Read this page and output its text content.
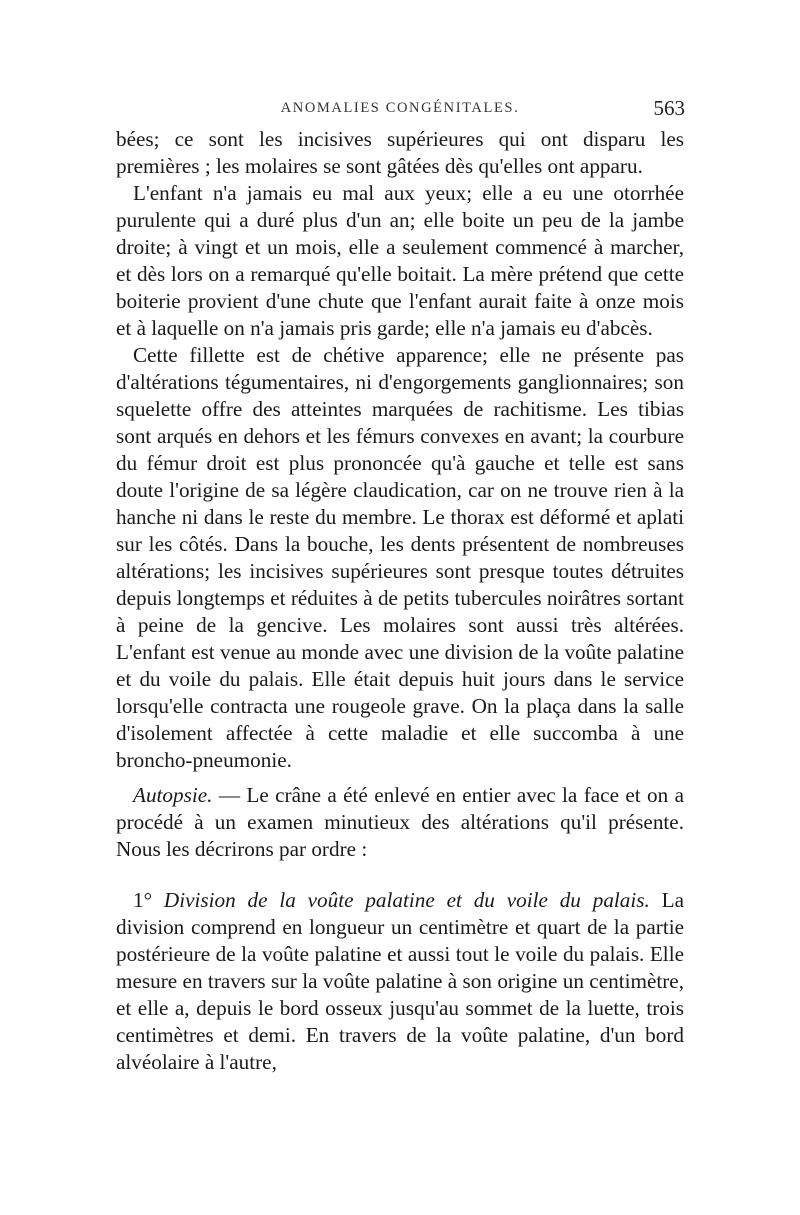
ANOMALIES CONGÉNITALES.	563

bées; ce sont les incisives supérieures qui ont disparu les premières ; les molaires se sont gâtées dès qu'elles ont apparu.

L'enfant n'a jamais eu mal aux yeux; elle a eu une otorrhée purulente qui a duré plus d'un an; elle boite un peu de la jambe droite; à vingt et un mois, elle a seulement commencé à marcher, et dès lors on a remarqué qu'elle boitait. La mère prétend que cette boiterie provient d'une chute que l'enfant aurait faite à onze mois et à laquelle on n'a jamais pris garde; elle n'a jamais eu d'abcès.

Cette fillette est de chétive apparence; elle ne présente pas d'altérations tégumentaires, ni d'engorgements ganglionnaires; son squelette offre des atteintes marquées de rachitisme. Les tibias sont arqués en dehors et les fémurs convexes en avant; la courbure du fémur droit est plus prononcée qu'à gauche et telle est sans doute l'origine de sa légère claudication, car on ne trouve rien à la hanche ni dans le reste du membre. Le thorax est déformé et aplati sur les côtés. Dans la bouche, les dents présentent de nombreuses altérations; les incisives supérieures sont presque toutes détruites depuis longtemps et réduites à de petits tubercules noirâtres sortant à peine de la gencive. Les molaires sont aussi très altérées. L'enfant est venue au monde avec une division de la voûte palatine et du voile du palais. Elle était depuis huit jours dans le service lorsqu'elle contracta une rougeole grave. On la plaça dans la salle d'isolement affectée à cette maladie et elle succomba à une broncho-pneumonie.

Autopsie. — Le crâne a été enlevé en entier avec la face et on a procédé à un examen minutieux des altérations qu'il présente. Nous les décrirons par ordre :

1° Division de la voûte palatine et du voile du palais. La division comprend en longueur un centimètre et quart de la partie postérieure de la voûte palatine et aussi tout le voile du palais. Elle mesure en travers sur la voûte palatine à son origine un centimètre, et elle a, depuis le bord osseux jusqu'au sommet de la luette, trois centimètres et demi. En travers de la voûte palatine, d'un bord alvéolaire à l'autre,
